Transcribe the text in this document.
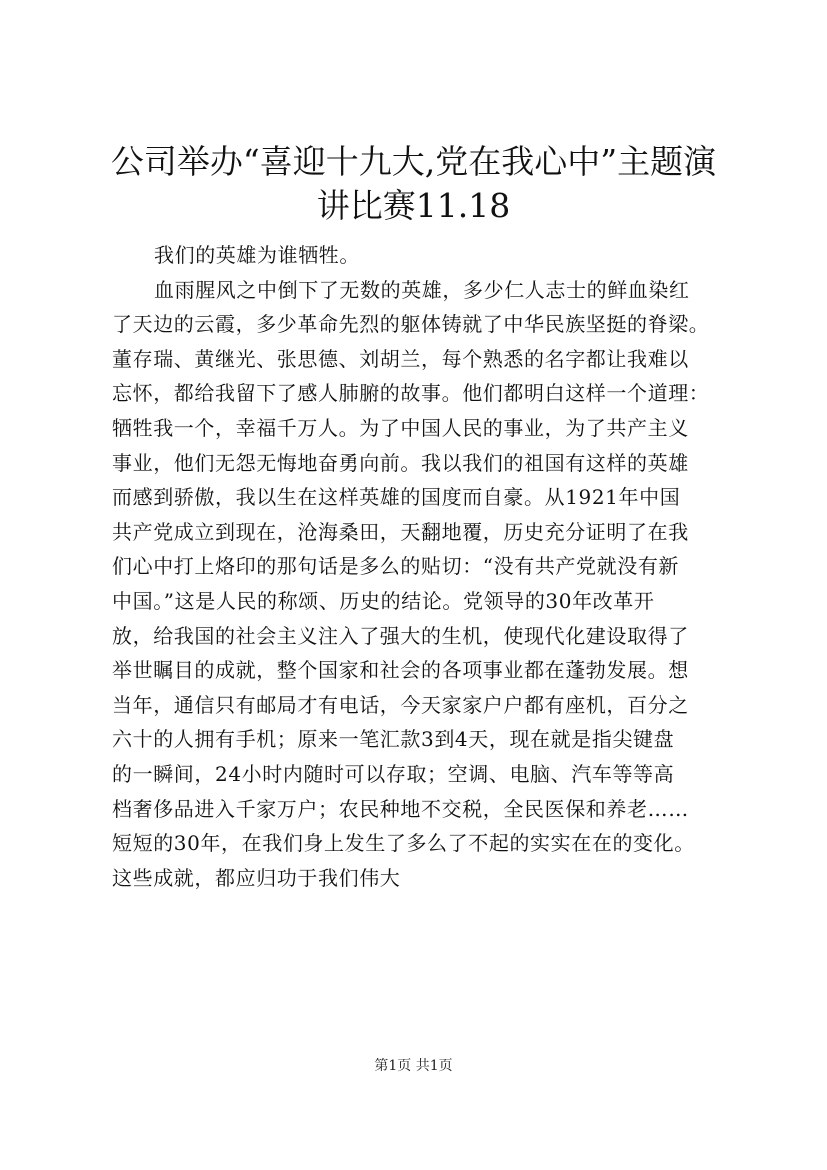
公司举办“喜迎十九大,党在我心中”主题演
讲比赛11.18
我们的英雄为谁牺牲。
血雨腥风之中倒下了无数的英雄，多少仁人志士的鲜血染红
了天边的云霞，多少革命先烈的躯体铸就了中华民族坚挺的脊梁。
董存瑞、黄继光、张思德、刘胡兰，每个熟悉的名字都让我难以
忘怀，都给我留下了感人肺腑的故事。他们都明白这样一个道理：
牺牲我一个，幸福千万人。为了中国人民的事业，为了共产主义
事业，他们无怨无悔地奋勇向前。我以我们的祖国有这样的英雄
而感到骄傲，我以生在这样英雄的国度而自豪。从1921年中国
共产党成立到现在，沧海桑田，天翻地覆，历史充分证明了在我
们心中打上烙印的那句话是多么的贴切：“没有共产党就没有新
中国。”这是人民的称颂、历史的结论。党领导的30年改革开
放，给我国的社会主义注入了强大的生机，使现代化建设取得了
举世瞩目的成就，整个国家和社会的各项事业都在蓬勃发展。想
当年，通信只有邮局才有电话，今天家家户户都有座机，百分之
六十的人拥有手机；原来一笔汇款3到4天，现在就是指尖键盘
的一瞬间，24小时内随时可以存取；空调、电脑、汽车等等高
档奢侈品进入千家万户；农民种地不交税，全民医保和养老……
短短的30年，在我们身上发生了多么了不起的实实在在的变化。
这些成就，都应归功于我们伟大
第1页 共1页
